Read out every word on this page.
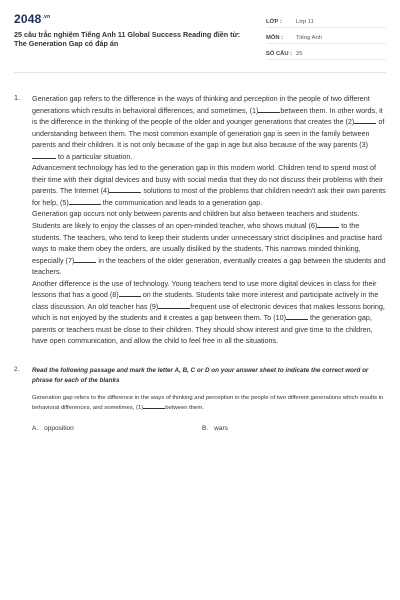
$2048^{.vn}$
25 câu trắc nghiệm Tiếng Anh 11 Global Success Reading điền từ: The Generation Gap có đáp án
LỚP :	Lớp 11
MÔN :	Tiếng Anh
SỐ CÂU : 25
1.	Generation gap refers to the difference in the ways of thinking and perception in the people of two different generations which results in behavioral differences, and sometimes, (1)	between them. In other words, it is the difference in the thinking of the people of the older and younger generations that creates the (2)	of understanding between them. The most common example of generation gap is seen in the family between parents and their children. It is not only because of the gap in age but also because of the way parents (3) to a particular situation.

Advancement technology has led to the generation gap in this modern world. Children tend to spend most of their time with their digital devices and busy with social media that they do not discuss their problems with their parents. The Internet (4)	solutions to most of the problems that children needn't ask their own parents for help, (5)	the communication and leads to a generation gap.

Generation gap occurs not only between parents and children but also between teachers and students. Students are likely to enjoy the classes of an open-minded teacher, who shows mutual (6)	to the students. The teachers, who tend to keep their students under unnecessary strict disciplines and practise hard ways to make them obey the orders, are usually disliked by the students. This narrows minded thinking, especially (7)	in the teachers of the older generation, eventually creates a gap between the students and teachers.

Another difference is the use of technology. Young teachers tend to use more digital devices in class for their lessons that has a good (8)	on the students. Students take more interest and participate actively in the class discussion. An old teacher has (9)	frequent use of electronic devices that makes lessons boring, which is not enjoyed by the students and it creates a gap between them. To (10)	the generation gap, parents or teachers must be close to their children. They should show interest and give time to the children, have open communication, and allow the child to feel free in all the situations.

2.	Read the following passage and mark the letter A, B, C or D on your answer sheet to indicate the correct word or phrase for each of the blanks
Generation gap refers to the difference in the ways of thinking and perception in the people of two different generations which results in behavioral differences, and sometimes, (1)	between them.
A. opposition	B. wars
